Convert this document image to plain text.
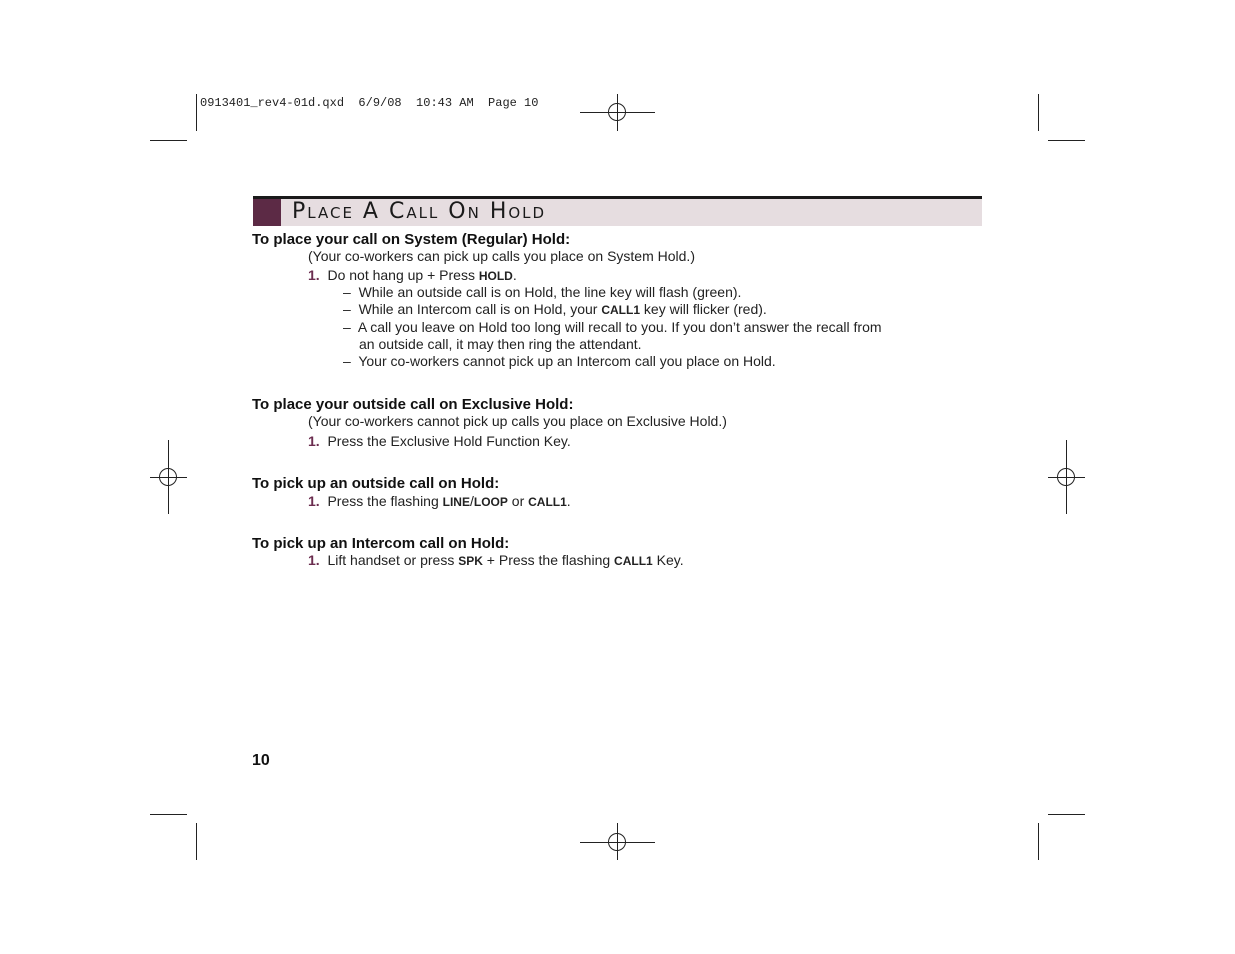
0913401_rev4-01d.qxd  6/9/08  10:43 AM  Page 10
Place A Call On Hold
To place your call on System (Regular) Hold:
(Your co-workers can pick up calls you place on System Hold.)
1. Do not hang up + Press HOLD.
– While an outside call is on Hold, the line key will flash (green).
– While an Intercom call is on Hold, your CALL1 key will flicker (red).
– A call you leave on Hold too long will recall to you. If you don’t answer the recall from
an outside call, it may then ring the attendant.
– Your co-workers cannot pick up an Intercom call you place on Hold.
To place your outside call on Exclusive Hold:
(Your co-workers cannot pick up calls you place on Exclusive Hold.)
1. Press the Exclusive Hold Function Key.
To pick up an outside call on Hold:
1. Press the flashing LINE/LOOP or CALL1.
To pick up an Intercom call on Hold:
1. Lift handset or press SPK + Press the flashing CALL1 Key.
10
